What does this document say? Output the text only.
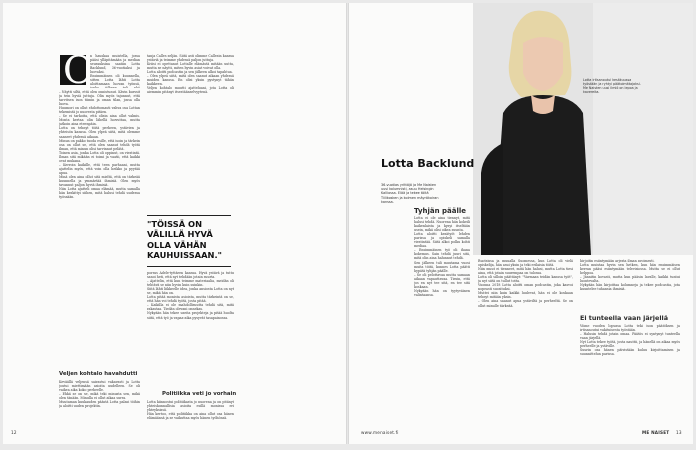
O
n hauskaa muistella, jossa pääsi ylläpitämään ja median seurauksina saatiin Lotta Backlund, 36-vuotiaksi ja luovaksi.
Ensimmäinen oli kuunnella, sitten Lotta lähti Lotta aloittamaan luovan työnsä,
– Näytti siltä, että olen onnistunut. Kävin kurssit ja tein hyviä juttuja. Olin myös tajunnut, että tarvitsen ison tiimin ja oman tilan, jossa olla luova.
Huumori on ollut ehdottomasti vahva osa Lottan tekemistä jo nuoresta pitäen.
– Se ei tarkoita, että olisin aina ollut valmis. Monta kertaa olin lähellä luovuttaa, mutta jatkoin aina eteenpäin.
Lotta on tehnyt töitä perheen, ystävien ja yhteisön kanssa. Olen ylpeä siitä, mitä olemme saaneet yhdessä aikaan.
Minun on pakko tuoda esille, että isoin ja tärkein osa on ollut se, että olen saanut tehdä työtä ilman, että minun olisi tarvinnut pelätä.
Toinen asia, jonka Lotta oli oppinut, on viestintä. Ilman sitä mikään ei toimi ja vaatii, että kaikki ovat mukana.
– Kerroin kaikille, että teen parhaani, mutta ajattelin myös, että voin olla heikko ja pyytää apua.
Minä olen aina ollut sitä mieltä, että on tärkeää kuunnella ja ymmärtää ihmisiä. Olen myös tavannut paljon hyviä ihmisiä.
Niin Lotta ajatteli omaa elämää, mutta samalla hän keskittyi siihen, mitä halusi tehdä uudessa työssään.
Veljen kohtalo havahdutti
Keväällä veljensä sairastui vakavasti ja Lotta joutui miettimään asioita uudelleen. Se oli vaikea aika koko perheelle.
– Ehkä se on se, mikä teki minusta sen, mikä olen tänään. Minulla ei ollut aikaa surra.
Muutaman kuukauden päästä Lotta palasi töihin ja aloitti uuden projektin.
tanja Calles seljän. Siitä asti olimme Callesin kanssa ystäviä ja teimme yhdessä paljon juttuja.
Kriisi ei opettanut Lottalle elämästä mitään uutta, mutta se näytti, miten hyvin asiat voivat olla.
Lotta aloitti podcastin ja sen jälkeen alkoi tapahtua.
– Olen ylpeä siitä, mitä olen saanut aikaan yhdessä muiden kanssa. En olisi yksin pystynyt tähän kaikkeen.
Veljen kohtalo muutti ajatteluani, jota Lotta oli aiemmin pitänyt itsestäänselvyytenä.
"TÖISSÄ ON VÄLILLÄ HYVÄ OLLA VÄHÄN KAUHUISSAAN."
porras Adele-tyttären kanssa. Hyvä ystävä ja tuttu sanoi heti, että nyt tehdään jotain suurta.
– Ajattelin, että kun teimme materiaalia, meidän oli tehtävä se niin hyvin kuin suinkin.
Siitä lähti liikkeelle idea, jonka ansiosta Lotta on nyt se, mikä hän on.
Lotta pitää monista asioista, mutta tärkeintä on se, että hän voi tehdä työtä, josta pitää.
– Kaikilla ei ole mahdollisuutta tehdä sitä, mitä rakastaa. Tiedän olevani onnekas.
Nykyään hän tekee useita projekteja ja pitää huolta siitä, että työ ja vapaa-aika pysyvät tasapainossa.
Politiikka veti jo vorhain
Lotta kiinnostui politiikasta jo nuorena ja on pitänyt yhteiskunnallisia asioita esillä monissa eri yhteyksissä.
Hän kertoo, että politiikka on aina ollut osa hänen elämäänsä ja se vaikuttaa myös hänen työhönsä.
Lotta irtisanoutui kesäkuussa työstään ja ryhtyi päätoimittajaksi. Me Naisten uusi ilmiö on lepoa ja kavereita.
Lotta Backlund
36-vuotias yrittäjä ja Me Naisten uusi kolumnisti, asuu Helsingin Kalliossa. Elää ja tekee töitä Tiilikosken ja kolmen mäyräkoiran kanssa.
Tyhjän päälle
Lotta ei ole aina tiennyt, mitä halusi tehdä. Nuorena hän kokeili kaikenlaista ja kysyi itseltään usein, mikä olisi oikea suunta.
Lotta aloitti kesätyöt lehden parissa ja opiskeli samalla viestintää. Siitä alkoi polku kohti mediaa.
– Ensimmäinen työ oli ihana kokemus. Sain tehdä juuri sitä, mitä olin aina halunnut tehdä.
Sen jälkeen tuli muutama vuosi muita töitä, kunnes Lotta päätti hypätä tyhjän päälle.
– Se oli pelottavaa mutta samaan aikaan vapauttavaa. Tiesin, että jos en nyt tee sitä, en tee sitä koskaan.
Nykyään hän on tyytyväinen valintaansa.
Ruotsissa ja muualla Suomessa, kun Lotta oli vielä opiskelija, hän asui yksin ja teki erilaisia töitä.
Niin muut ei tienneet, mitä hän halusi, mutta Lotta tiesi aina, että jotain suurempaa on tulossa.
Lotta oli silloin päättänyt: "Varmaan teidän kanssa työt", ja nyt siitä on tullut totta.
Vuonna 2018 Lotta aloitti oman podcastin, joka kasvoi nopeasti suosituksi.
Muttei niin kuin kaikki luulevat, hän ei ole koskaan tehnyt mitään yksin.
– Olen aina saanut apua ystäviltä ja perheeltä. Se on ollut minulle tärkeää.
hirjoitin esiintymään arjesta ilman avoimesti.
Lotta muistaa hyvin sen hetken, kun hän ensimmäisen kerran pääsi esiintymään televisiossa. Mutta se ei ollut helppoa.
– Jännitin kovasti, mutta kun pääsin lavalle, kaikki tuntui luontevalta.
Nykyään hän kirjoittaa kolumneja ja tekee podcastia, jota kuuntelee tuhansia ihmisiä.
Ei tunteella vaan järjellä
Viime vuoden lopussa Lotta teki ison päätöksen ja irtisanoutui vakituisesta työstään.
– Halusin tehdä jotain omaa. Päätös ei syntynyt tunteella vaan järjellä.
Nyt Lotta tekee työtä, josta nauttii, ja hänellä on aikaa myös perheelle ja ystäville.
Suurin osa hänen päivistään kuluu kirjoittamisen ja suunnittelun parissa.
12	www.menaiset.fi	ME NAISET 13
